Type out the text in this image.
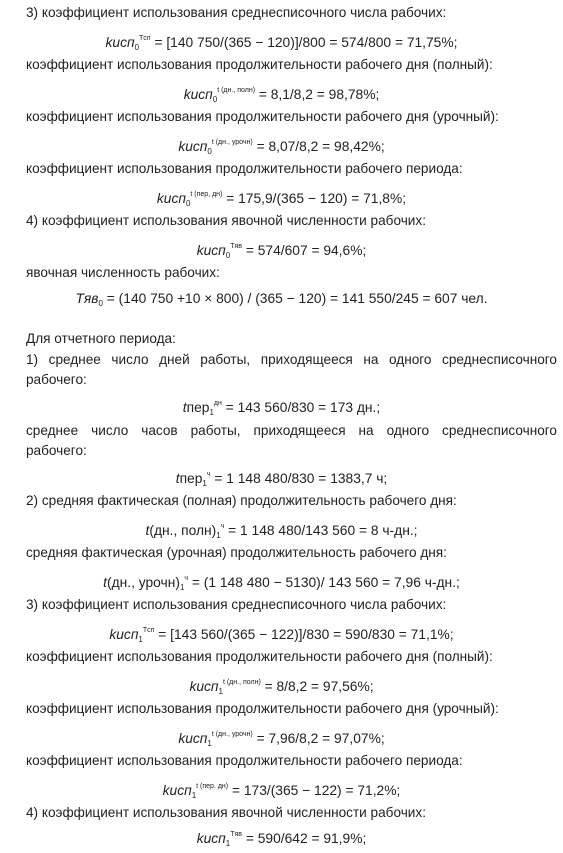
3) коэффициент использования среднесписочного числа рабочих:
kисп$_0^{Tсп}$ = [140 750/(365 − 120)]/800 = 574/800 = 71,75%;
коэффициент использования продолжительности рабочего дня (полный):
kисп$_0^{t (дн., полн)}$ = 8,1/8,2 = 98,78%;
коэффициент использования продолжительности рабочего дня (урочный):
kисп$_0^{t (дн., урочн)}$ = 8,07/8,2 = 98,42%;
коэффициент использования продолжительности рабочего периода:
kисп$_0^{t (пер, дн)}$ = 175,9/(365 − 120) = 71,8%;
4) коэффициент использования явочной численности рабочих:
kисп$_0^{Tяв}$ = 574/607 = 94,6%;
явочная численность рабочих:
Tяв$_0$ = (140 750 +10 × 800) / (365 − 120) = 141 550/245 = 607 чел.
Для отчетного периода:
1) среднее число дней работы, приходящееся на одного среднесписочного рабочего:
tпер$_1^{дн}$ = 143 560/830 = 173 дн.;
среднее число часов работы, приходящееся на одного среднесписочного рабочего:
tпер$_1^ч$ = 1 148 480/830 = 1383,7 ч;
2) средняя фактическая (полная) продолжительность рабочего дня:
t(дн., $полн)_1^ч = 1$ 148 480/143 560 = 8 ч-дн.;
средняя фактическая (урочная) продолжительность рабочего дня:
t(дн., $урочн)_1^ч = (1$ 148 480 − 5130)/ 143 560 = 7,96 ч-дн.;
3) коэффициент использования среднесписочного числа рабочих:
kисп$_1^{Tсп}$ = [143 560/(365 − 122)]/830 = 590/830 = 71,1%;
коэффициент использования продолжительности рабочего дня (полный):
kисп$_1^{t (дн., полн)}$ = 8/8,2 = 97,56%;
коэффициент использования продолжительности рабочего дня (урочный):
kисп$_1^{t (дн., урочн)}$ = 7,96/8,2 = 97,07%;
коэффициент использования продолжительности рабочего периода:
kисп$_1^{t (пер. дн)}$ = 173/(365 − 122) = 71,2%;
4) коэффициент использования явочной численности рабочих:
kисп$_1^{Tяв}$ = 590/642 = 91,9%;
